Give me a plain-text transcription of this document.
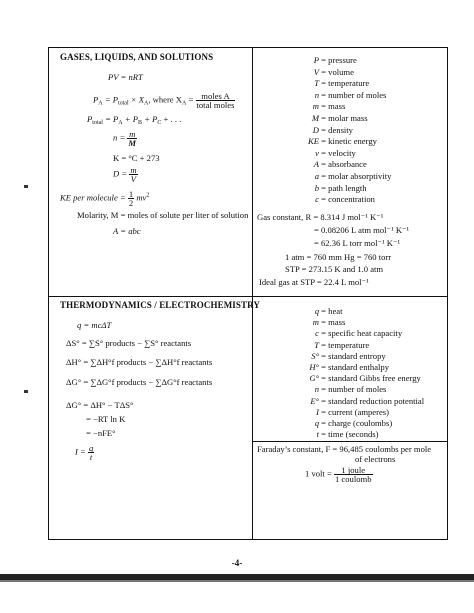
GASES, LIQUIDS, AND SOLUTIONS
PV = nRT
$P_A = P_{total} \times X_A$, where $X_A = \frac{\text{moles A}}{\text{total moles}}$
$P_{total} = P_A + P_B + P_C$ + . . .
$n = \frac{m}{M}$
K = °C + 273
$D = \frac{m}{V}$
KE per molecule = $\frac{1}{2} mv^2$
Molarity, M = moles of solute per liter of solution
A = abc
P = pressure
V = volume
T = temperature
n = number of moles
m = mass
M = molar mass
D = density
KE = kinetic energy
v = velocity
A = absorbance
a = molar absorptivity
b = path length
c = concentration
Gas constant, R = 8.314 J mol⁻¹ K⁻¹
= 0.08206 L atm mol⁻¹ K⁻¹
= 62.36 L torr mol⁻¹ K⁻¹
1 atm = 760 mm Hg = 760 torr
STP = 273.15 K and 1.0 atm
Ideal gas at STP = 22.4 L mol⁻¹
THERMODYNAMICS / ELECTROCHEMISTRY
q = mcΔT
ΔS° = ∑S° products − ∑S° reactants
ΔH° = ∑ΔH°f products − ∑ΔH°f reactants
ΔG° = ∑ΔG°f products − ∑ΔG°f reactants
ΔG° = ΔH° − TΔS°
= −RT ln K
= −nFE°
$I = \frac{q}{t}$
q = heat
m = mass
c = specific heat capacity
T = temperature
S° = standard entropy
H° = standard enthalpy
G° = standard Gibbs free energy
n = number of moles
E° = standard reduction potential
I = current (amperes)
q = charge (coulombs)
t = time (seconds)
Faraday’s constant, F = 96,485 coulombs per mole
of electrons
1 volt = $\frac{\text{1 joule}}{\text{1 coulomb}}$
-4-
